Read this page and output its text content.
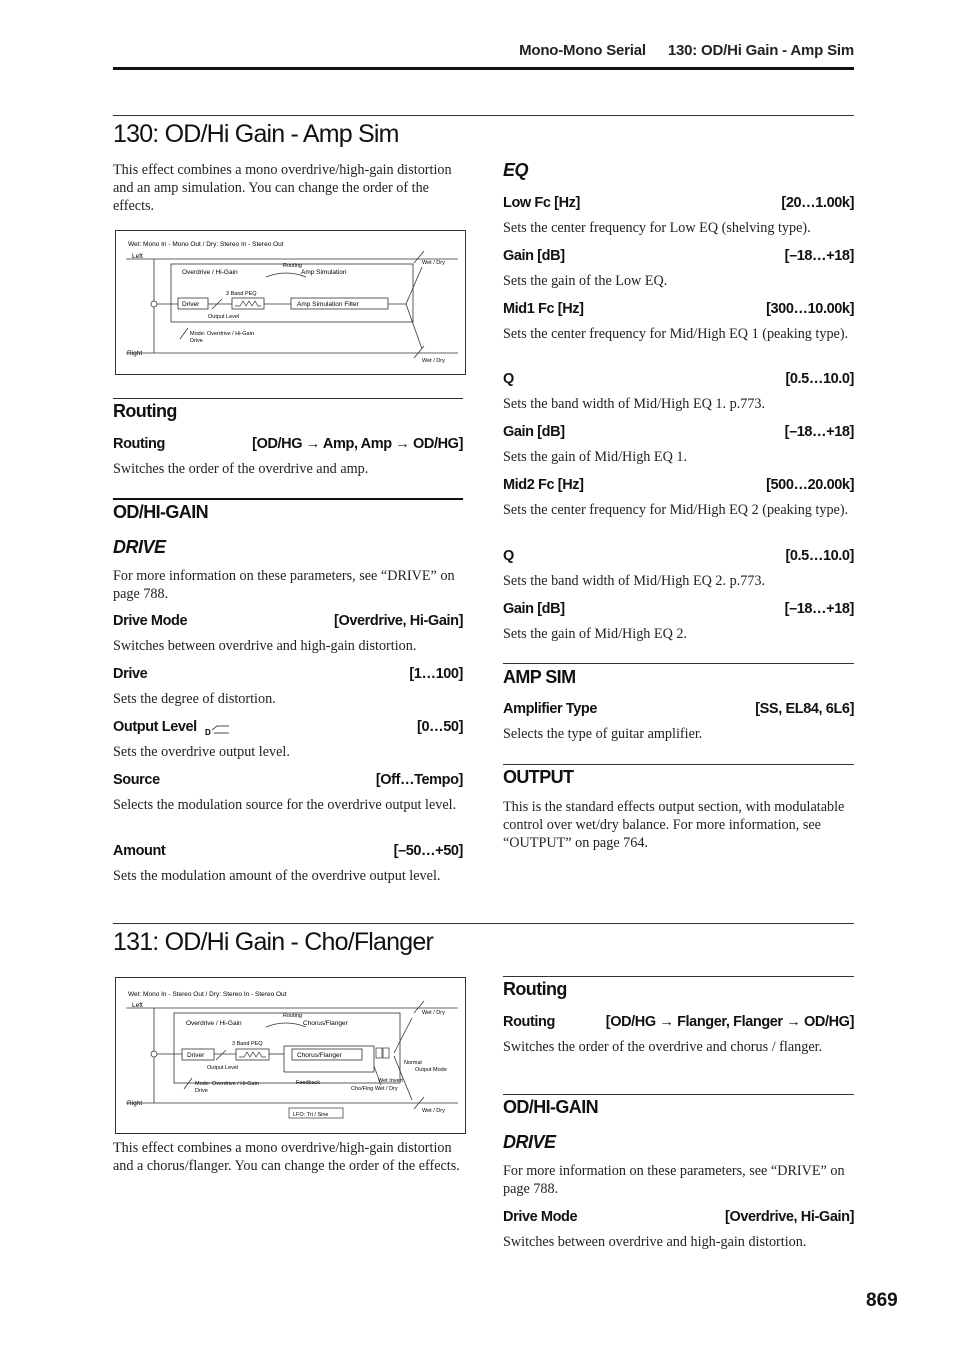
Mono-Mono Serial 130: OD/Hi Gain - Amp Sim
130: OD/Hi Gain - Amp Sim
This effect combines a mono overdrive/high-gain distortion and an amp simulation. You can change the order of the effects.
Wet: Mono In - Mono Out / Dry: Stereo In - Stereo Out
Left
Right
Overdrive / Hi-Gain
Routing
Amp Simulation
Driver
3 Band PEQ
Output Level
Amp Simulation Filter
Mode: Overdrive / Hi-Gain
Drive
Wet / Dry
Wet / Dry
Routing
Routing	[OD/HG → Amp, Amp → OD/HG]
Switches the order of the overdrive and amp.
OD/HI-GAIN
DRIVE
For more information on these parameters, see “DRIVE” on page 788.
Drive Mode	[Overdrive, Hi-Gain]
Switches between overdrive and high-gain distortion.
Drive	[1…100]
Sets the degree of distortion.
Output Level D	[0…50]
Sets the overdrive output level.
Source	[Off…Tempo]
Selects the modulation source for the overdrive output level.
Amount	[–50…+50]
Sets the modulation amount of the overdrive output level.
EQ
Low Fc [Hz]	[20…1.00k]
Sets the center frequency for Low EQ (shelving type).
Gain [dB]	[–18…+18]
Sets the gain of the Low EQ.
Mid1 Fc [Hz]	[300…10.00k]
Sets the center frequency for Mid/High EQ 1 (peaking type).
Q	[0.5…10.0]
Sets the band width of Mid/High EQ 1. p.773.
Gain [dB]	[–18…+18]
Sets the gain of Mid/High EQ 1.
Mid2 Fc [Hz]	[500…20.00k]
Sets the center frequency for Mid/High EQ 2 (peaking type).
Q	[0.5…10.0]
Sets the band width of Mid/High EQ 2. p.773.
Gain [dB]	[–18…+18]
Sets the gain of Mid/High EQ 2.
AMP SIM
Amplifier Type	[SS, EL84, 6L6]
Selects the type of guitar amplifier.
OUTPUT
This is the standard effects output section, with modulatable control over wet/dry balance. For more information, see “OUTPUT” on page 764.
131: OD/Hi Gain - Cho/Flanger
Wet: Mono In - Stereo Out / Dry: Stereo In - Stereo Out
Left
Right
Overdrive / Hi-Gain
Routing
Chorus/Flanger
Driver
3 Band PEQ
Output Level
Chorus/Flanger
Mode: Overdrive / Hi-Gain
Drive
Feedback
Normal
Output Mode
Wet Invert
Cho/Flng Wet / Dry
LFO: Tri / Sine
Wet / Dry
Wet / Dry
This effect combines a mono overdrive/high-gain distortion and a chorus/flanger. You can change the order of the effects.
Routing
Routing	[OD/HG → Flanger, Flanger → OD/HG]
Switches the order of the overdrive and chorus / flanger.
OD/HI-GAIN
DRIVE
For more information on these parameters, see “DRIVE” on page 788.
Drive Mode	[Overdrive, Hi-Gain]
Switches between overdrive and high-gain distortion.
869
